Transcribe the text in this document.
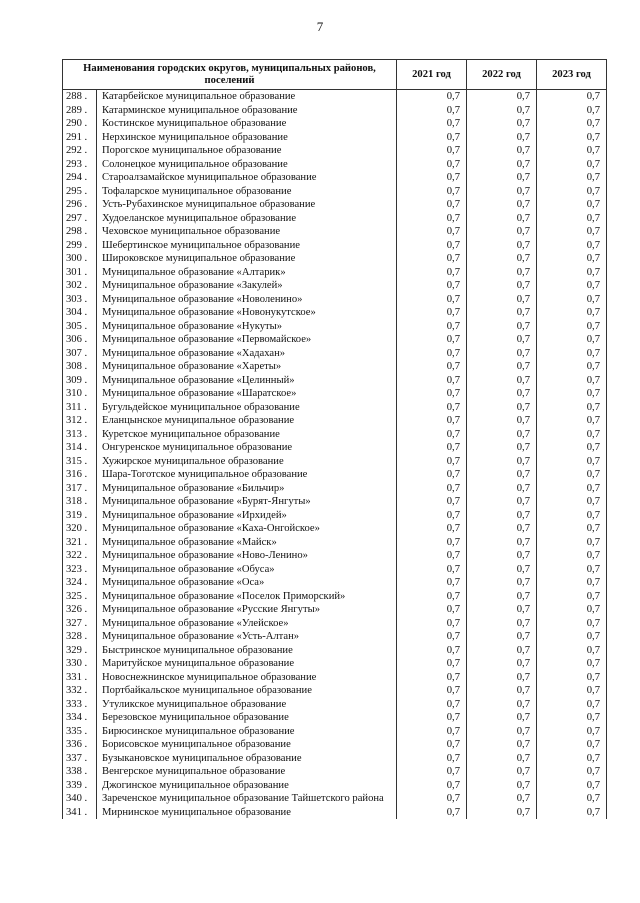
7
Наименования городских округов, муниципальных районов, поселений		2021 год	2022 год	2023 год
288 .	Катарбейское муниципальное образование	0,7	0,7	0,7
289 .	Катарминское муниципальное образование	0,7	0,7	0,7
290 .	Костинское муниципальное образование	0,7	0,7	0,7
291 .	Нерхинское муниципальное образование	0,7	0,7	0,7
292 .	Порогское муниципальное образование	0,7	0,7	0,7
293 .	Солонецкое муниципальное образование	0,7	0,7	0,7
294 .	Староалзамайское муниципальное образование	0,7	0,7	0,7
295 .	Тофаларское муниципальное образование	0,7	0,7	0,7
296 .	Усть-Рубахинское муниципальное образование	0,7	0,7	0,7
297 .	Худоеланское муниципальное образование	0,7	0,7	0,7
298 .	Чеховское муниципальное образование	0,7	0,7	0,7
299 .	Шебертинское муниципальное образование	0,7	0,7	0,7
300 .	Широковское муниципальное образование	0,7	0,7	0,7
301 .	Муниципальное образование «Алтарик»	0,7	0,7	0,7
302 .	Муниципальное образование «Закулей»	0,7	0,7	0,7
303 .	Муниципальное образование «Новоленино»	0,7	0,7	0,7
304 .	Муниципальное образование «Новонукутское»	0,7	0,7	0,7
305 .	Муниципальное образование «Нукуты»	0,7	0,7	0,7
306 .	Муниципальное образование «Первомайское»	0,7	0,7	0,7
307 .	Муниципальное образование «Хадахан»	0,7	0,7	0,7
308 .	Муниципальное образование «Хареты»	0,7	0,7	0,7
309 .	Муниципальное образование «Целинный»	0,7	0,7	0,7
310 .	Муниципальное образование «Шаратское»	0,7	0,7	0,7
311 .	Бугульдейское муниципальное образование	0,7	0,7	0,7
312 .	Еланцынское муниципальное образование	0,7	0,7	0,7
313 .	Куретское муниципальное образование	0,7	0,7	0,7
314 .	Онгуренское муниципальное образование	0,7	0,7	0,7
315 .	Хужирское муниципальное образование	0,7	0,7	0,7
316 .	Шара-Тоготское муниципальное образование	0,7	0,7	0,7
317 .	Муниципальное образование «Бильчир»	0,7	0,7	0,7
318 .	Муниципальное образование «Бурят-Янгуты»	0,7	0,7	0,7
319 .	Муниципальное образование «Ирхидей»	0,7	0,7	0,7
320 .	Муниципальное образование «Каха-Онгойское»	0,7	0,7	0,7
321 .	Муниципальное образование «Майск»	0,7	0,7	0,7
322 .	Муниципальное образование «Ново-Ленино»	0,7	0,7	0,7
323 .	Муниципальное образование «Обуса»	0,7	0,7	0,7
324 .	Муниципальное образование «Оса»	0,7	0,7	0,7
325 .	Муниципальное образование «Поселок Приморский»	0,7	0,7	0,7
326 .	Муниципальное образование «Русские Янгуты»	0,7	0,7	0,7
327 .	Муниципальное образование «Улейское»	0,7	0,7	0,7
328 .	Муниципальное образование «Усть-Алтан»	0,7	0,7	0,7
329 .	Быстринское муниципальное образование	0,7	0,7	0,7
330 .	Маритуйское муниципальное образование	0,7	0,7	0,7
331 .	Новоснежнинское муниципальное образование	0,7	0,7	0,7
332 .	Портбайкальское муниципальное образование	0,7	0,7	0,7
333 .	Утуликское муниципальное образование	0,7	0,7	0,7
334 .	Березовское муниципальное образование	0,7	0,7	0,7
335 .	Бирюсинское муниципальное образование	0,7	0,7	0,7
336 .	Борисовское муниципальное образование	0,7	0,7	0,7
337 .	Бузыкановское муниципальное образование	0,7	0,7	0,7
338 .	Венгерское муниципальное образование	0,7	0,7	0,7
339 .	Джогинское муниципальное образование	0,7	0,7	0,7
340 .	Зареченское муниципальное образование Тайшетского района	0,7	0,7	0,7
341 .	Мирнинское муниципальное образование	0,7	0,7	0,7
